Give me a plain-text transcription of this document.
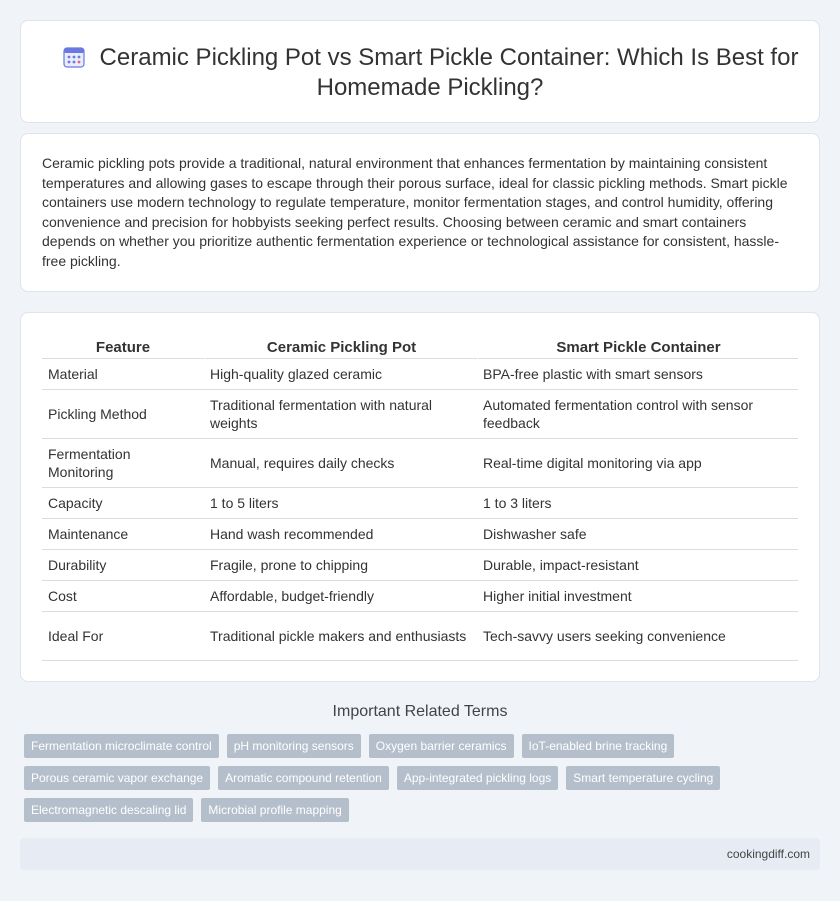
Ceramic Pickling Pot vs Smart Pickle Container: Which Is Best for Homemade Pickling?

Ceramic pickling pots provide a traditional, natural environment that enhances fermentation by maintaining consistent temperatures and allowing gases to escape through their porous surface, ideal for classic pickling methods. Smart pickle containers use modern technology to regulate temperature, monitor fermentation stages, and control humidity, offering convenience and precision for hobbyists seeking perfect results. Choosing between ceramic and smart containers depends on whether you prioritize authentic fermentation experience or technological assistance for consistent, hassle-free pickling.

Feature	Ceramic Pickling Pot	Smart Pickle Container
Material	High-quality glazed ceramic	BPA-free plastic with smart sensors
Pickling Method	Traditional fermentation with natural weights	Automated fermentation control with sensor feedback
Fermentation Monitoring	Manual, requires daily checks	Real-time digital monitoring via app
Capacity	1 to 5 liters	1 to 3 liters
Maintenance	Hand wash recommended	Dishwasher safe
Durability	Fragile, prone to chipping	Durable, impact-resistant
Cost	Affordable, budget-friendly	Higher initial investment
Ideal For	Traditional pickle makers and enthusiasts	Tech-savvy users seeking convenience
Important Related Terms
Fermentation microclimate control	pH monitoring sensors	Oxygen barrier ceramics	IoT-enabled brine tracking
Porous ceramic vapor exchange	Aromatic compound retention	App-integrated pickling logs	Smart temperature cycling
Electromagnetic descaling lid	Microbial profile mapping
cookingdiff.com
